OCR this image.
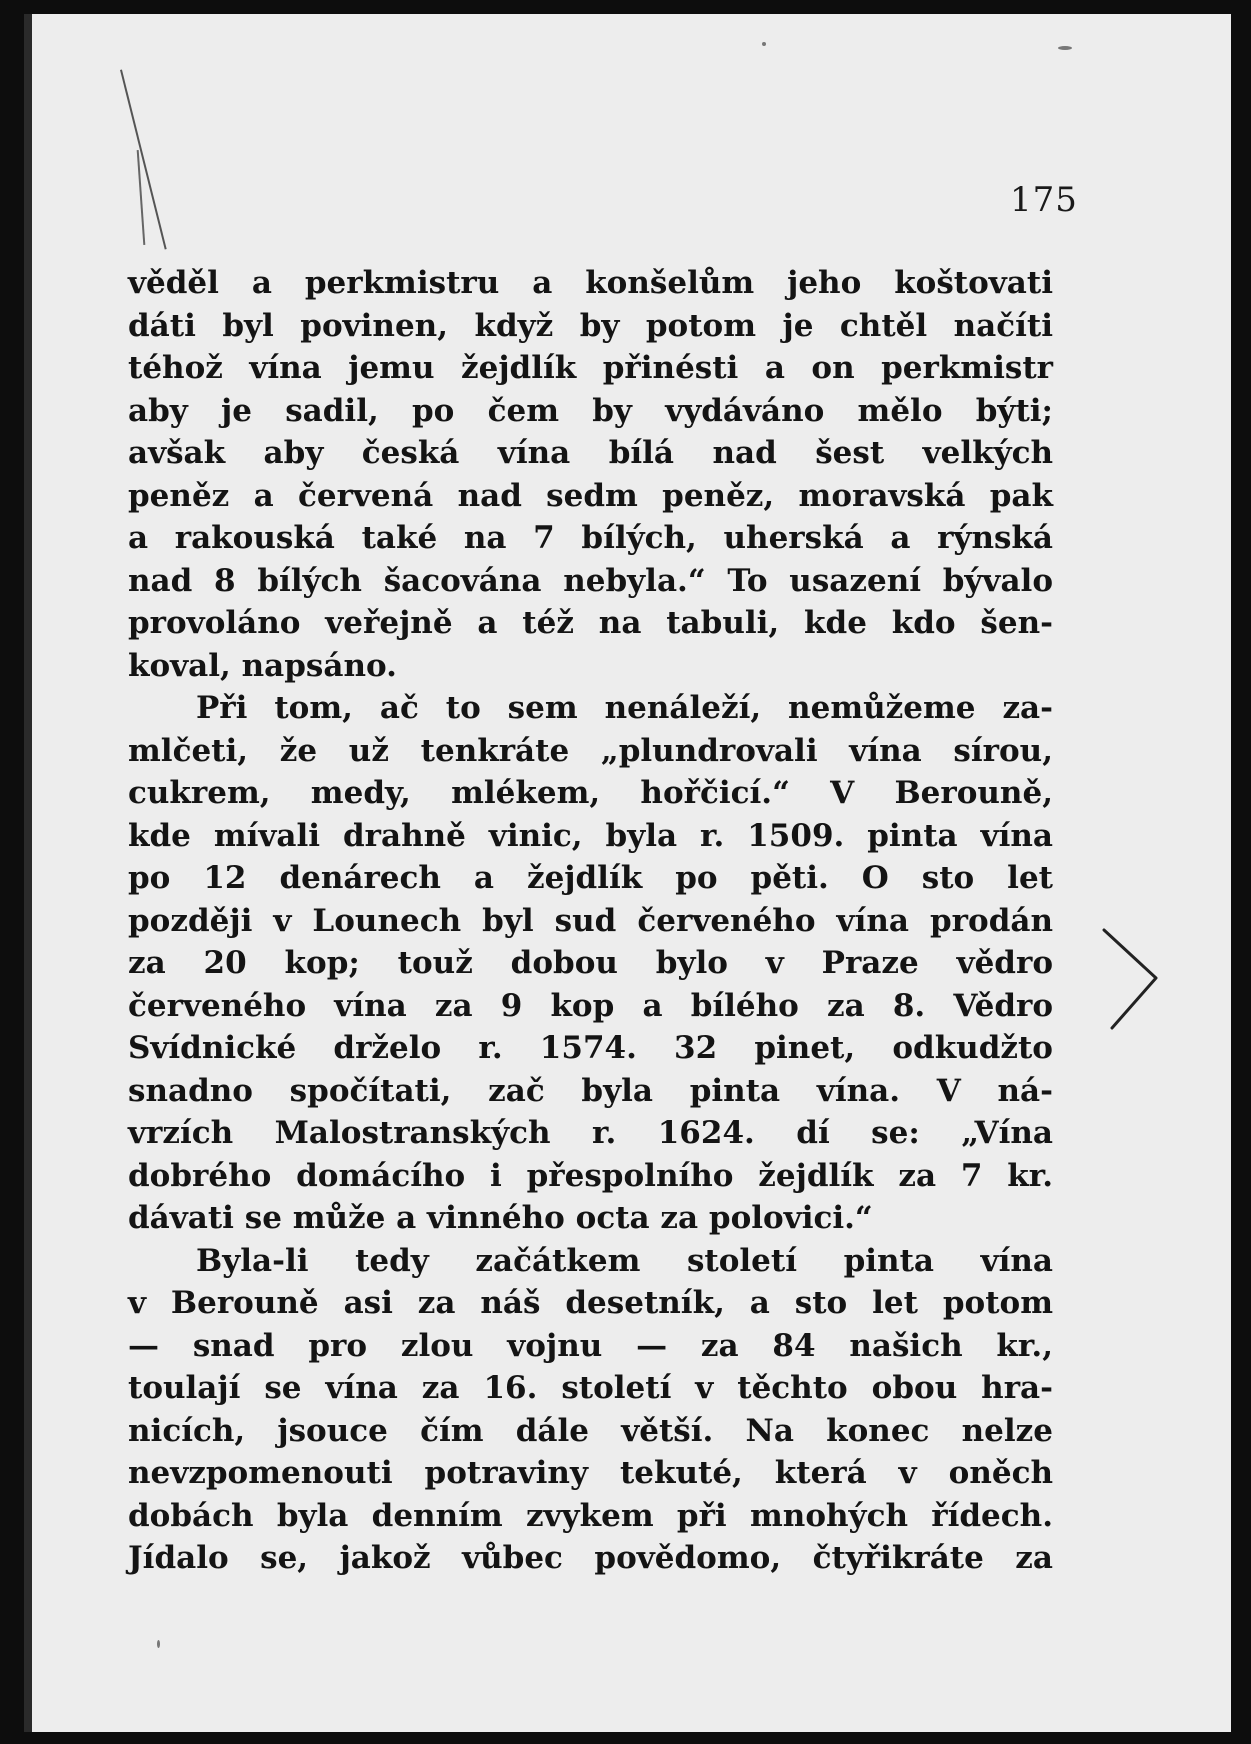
175
věděl a perkmistru a konšelům jeho koštovati
dáti byl povinen, když by potom je chtěl načíti
téhož vína jemu žejdlík přinésti a on perkmistr
aby je sadil, po čem by vydáváno mělo býti;
avšak aby česká vína bílá nad šest velkých
peněz a červená nad sedm peněz, moravská pak
a rakouská také na 7 bílých, uherská a rýnská
nad 8 bílých šacována nebyla.“ To usazení bývalo
provoláno veřejně a též na tabuli, kde kdo šen-
koval, napsáno.
Při tom, ač to sem nenáleží, nemůžeme za-
mlčeti, že už tenkráte „plundrovali vína sírou,
cukrem, medy, mlékem, hořčicí.“ V Berouně,
kde mívali drahně vinic, byla r. 1509. pinta vína
po 12 denárech a žejdlík po pěti. O sto let
později v Lounech byl sud červeného vína prodán
za 20 kop; touž dobou bylo v Praze vědro
červeného vína za 9 kop a bílého za 8. Vědro
Svídnické drželo r. 1574. 32 pinet, odkudžto
snadno spočítati, zač byla pinta vína. V ná-
vrzích Malostranských r. 1624. dí se: „Vína
dobrého domácího i přespolního žejdlík za 7 kr.
dávati se může a vinného octa za polovici.“
Byla-li tedy začátkem století pinta vína
v Berouně asi za náš desetník, a sto let potom
— snad pro zlou vojnu — za 84 našich kr.,
toulají se vína za 16. století v těchto obou hra-
nicích, jsouce čím dále větší. Na konec nelze
nevzpomenouti potraviny tekuté, která v oněch
dobách byla denním zvykem při mnohých řídech.
Jídalo se, jakož vůbec povědomo, čtyřikráte za
